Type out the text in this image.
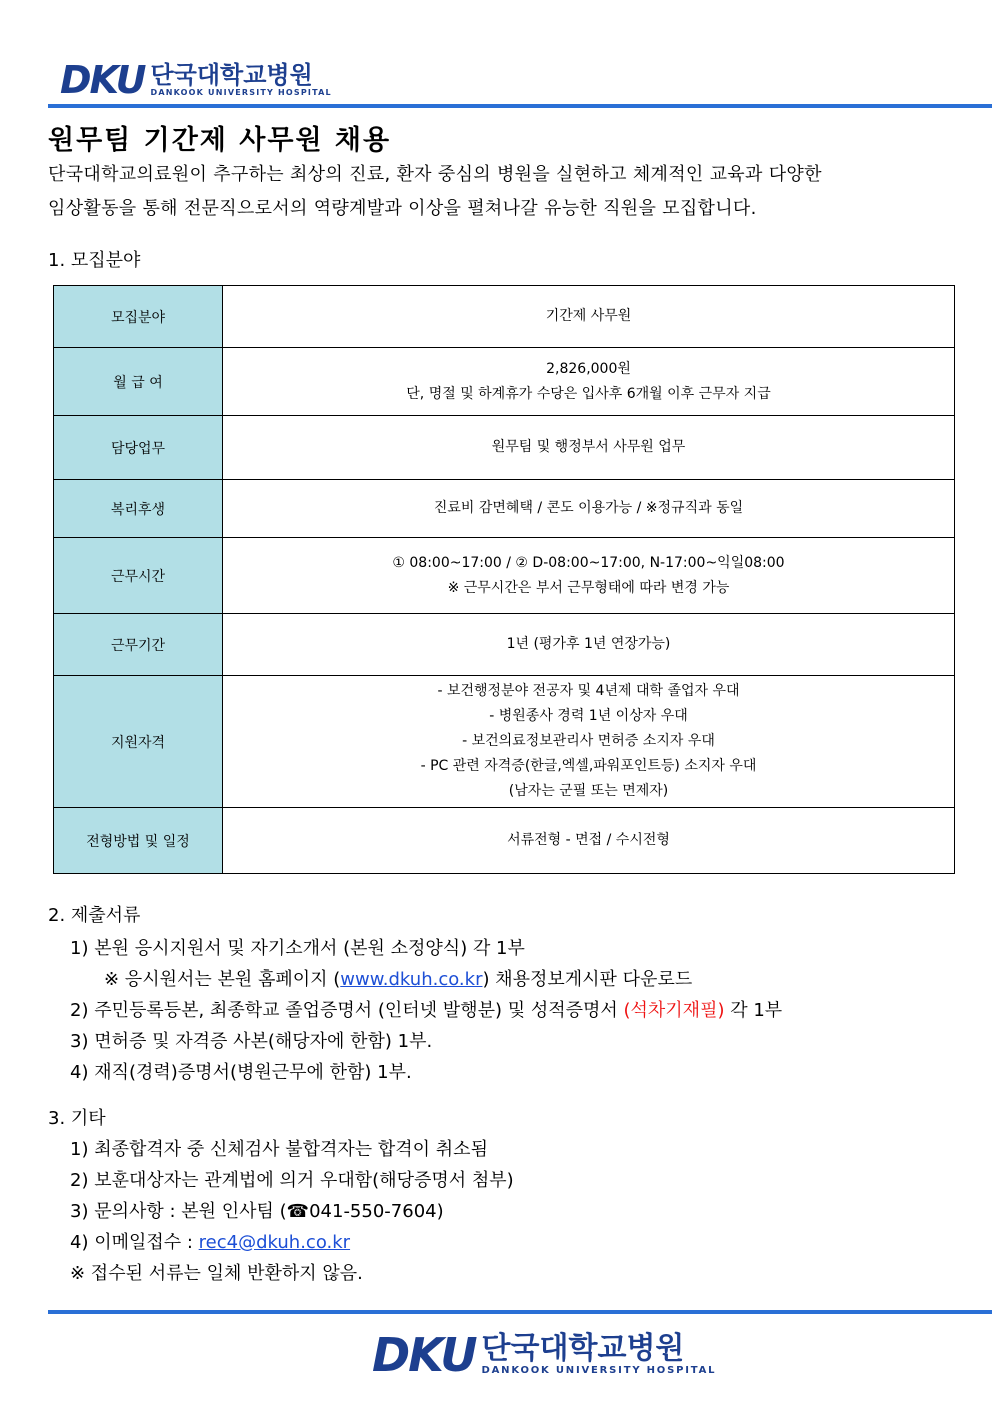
DKU 단국대학교병원
DANKOOK UNIVERSITY HOSPITAL
원무팀 기간제 사무원 채용
단국대학교의료원이 추구하는 최상의 진료, 환자 중심의 병원을 실현하고 체계적인 교육과 다양한
임상활동을 통해 전문직으로서의 역량계발과 이상을 펼쳐나갈 유능한 직원을 모집합니다.
1. 모집분야
모집분야	기간제 사무원
월 급 여	2,826,000원
단, 명절 및 하계휴가 수당은 입사후 6개월 이후 근무자 지급

담당업무	원무팀 및 행정부서 사무원 업무
복리후생	진료비 감면혜택 / 콘도 이용가능 / ※정규직과 동일
근무시간	① 08:00~17:00 / ② D-08:00~17:00, N-17:00~익일08:00
※ 근무시간은 부서 근무형태에 따라 변경 가능

근무기간	1년 (평가후 1년 연장가능)
지원자격	- 보건행정분야 전공자 및 4년제 대학 졸업자 우대
- 병원종사 경력 1년 이상자 우대
- 보건의료정보관리사 면허증 소지자 우대
- PC 관련 자격증(한글,엑셀,파워포인트등) 소지자 우대
(남자는 군필 또는 면제자)

전형방법 및 일정	서류전형 - 면접 / 수시전형
2. 제출서류
1) 본원 응시지원서 및 자기소개서 (본원 소정양식) 각 1부
※ 응시원서는 본원 홈페이지 (www.dkuh.co.kr) 채용정보게시판 다운로드
2) 주민등록등본, 최종학교 졸업증명서 (인터넷 발행분) 및 성적증명서 (석차기재필) 각 1부
3) 면허증 및 자격증 사본(해당자에 한함) 1부.
4) 재직(경력)증명서(병원근무에 한함) 1부.
3. 기타
1) 최종합격자 중 신체검사 불합격자는 합격이 취소됨
2) 보훈대상자는 관계법에 의거 우대함(해당증명서 첨부)
3) 문의사항 : 본원 인사팀 (☎041-550-7604)
4) 이메일접수 : rec4@dkuh.co.kr
※ 접수된 서류는 일체 반환하지 않음.
DKU 단국대학교병원
DANKOOK UNIVERSITY HOSPITAL
